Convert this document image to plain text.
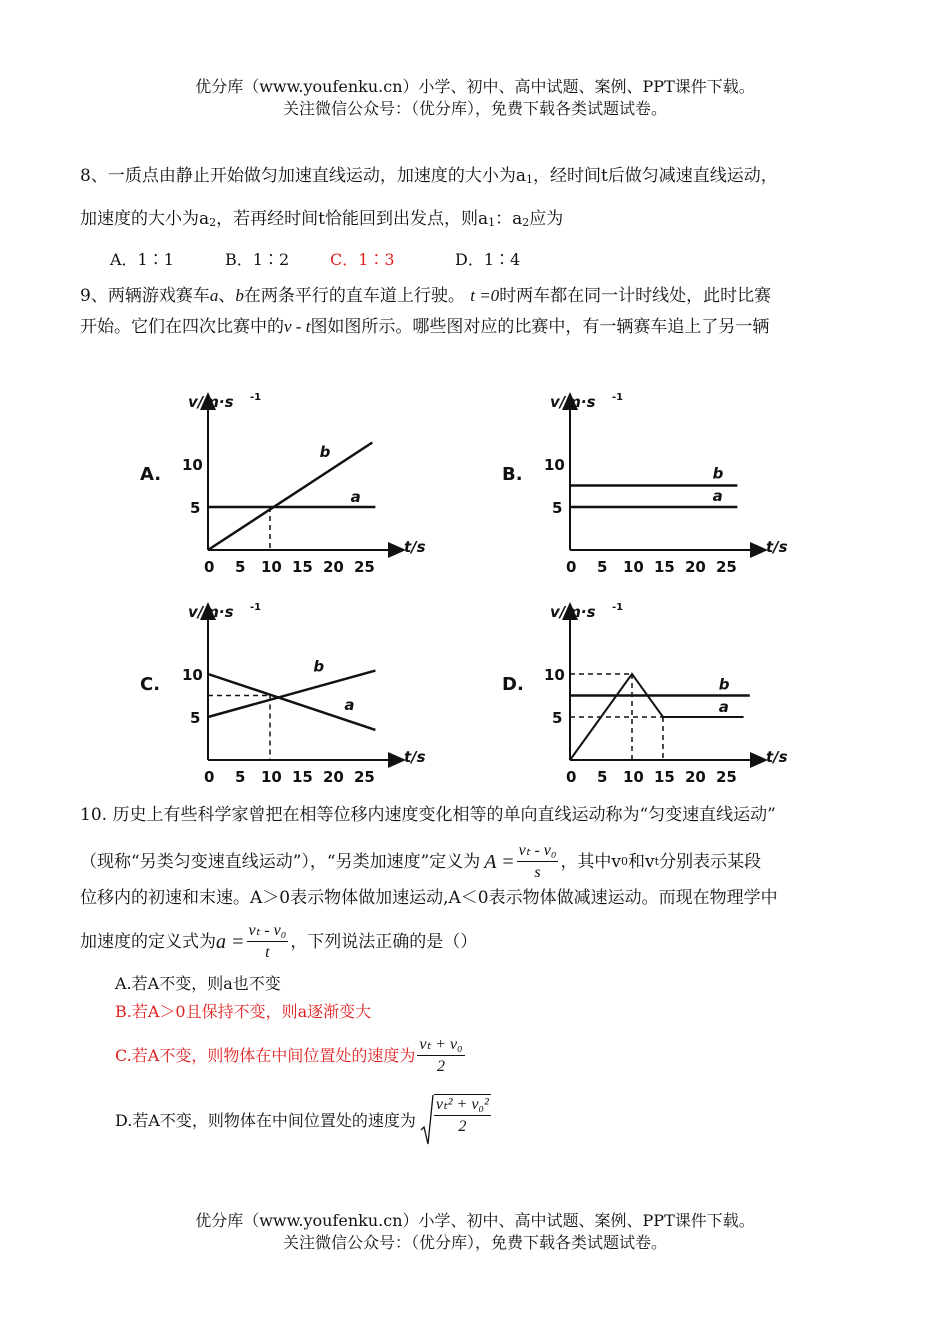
优分库（www.youfenku.cn）小学、初中、高中试题、案例、PPT课件下载。
关注微信公众号：（优分库），免费下载各类试题试卷。
8、一质点由静止开始做匀加速直线运动，加速度的大小为a1，经时间t后做匀减速直线运动，
加速度的大小为a2，若再经时间t恰能回到出发点，则a1：a2应为
A．1∶1	B．1∶2	C．1∶3	D．1∶4
9、两辆游戏赛车a、b在两条平行的直车道上行驶。 t =0时两车都在同一计时线处，此时比赛
开始。它们在四次比赛中的v - t图如图所示。哪些图对应的比赛中，有一辆赛车追上了另一辆
v/m·s -1
t/s
A.
0 5 10 15 20 25
10
5
b
a
v/m·s -1
t/s
B.
0 5 10 15 20 25
10
5
b
a
v/m·s -1
t/s
C.
0 5 10 15 20 25
10
5
b
a
v/m·s -1
t/s
D.
0 5 10 15 20 25
10
5
b
a
10. 历史上有些科学家曾把在相等位移内速度变化相等的单向直线运动称为“匀变速直线运动”
（现称“另类匀变速直线运动”），“另类加速度”定义为 $A = \frac{\text{vₜ - v₀}}{s}$ ，其中v 0 和v t 分别表示某段
位移内的初速和末速。A＞0表示物体做加速运动,A＜0表示物体做减速运动。而现在物理学中
加速度的定义式为 $a = \frac{\text{vₜ - v₀}}{t}$ ，下列说法正确的是（）
A.若A不变，则a也不变
B.若A＞0且保持不变，则a逐渐变大
C.若A不变，则物体在中间位置处的速度为 $\frac{\text{vₜ + v₀}}{2}$
D.若A不变，则物体在中间位置处的速度为 $\frac{\text{vₜ² + v₀²}}{2}$
优分库（www.youfenku.cn）小学、初中、高中试题、案例、PPT课件下载。
关注微信公众号：（优分库），免费下载各类试题试卷。
